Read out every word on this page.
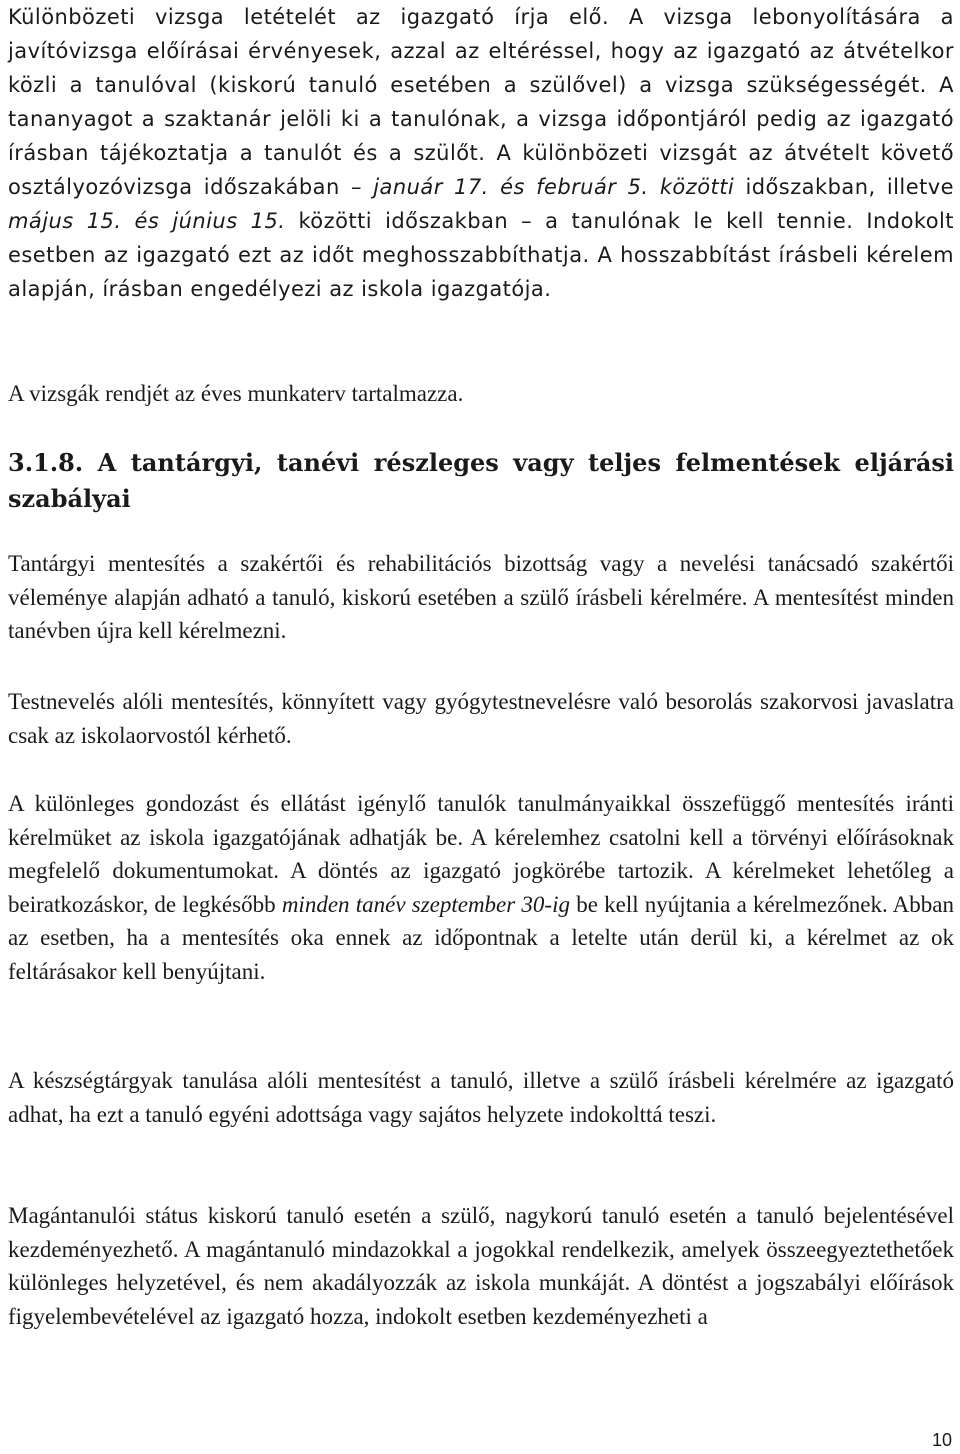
Különbözeti vizsga letételét az igazgató írja elő. A vizsga lebonyolítására a javítóvizsga előírásai érvényesek, azzal az eltéréssel, hogy az igazgató az átvételkor közli a tanulóval (kiskorú tanuló esetében a szülővel) a vizsga szükségességét. A tananyagot a szaktanár jelöli ki a tanulónak, a vizsga időpontjáról pedig az igazgató írásban tájékoztatja a tanulót és a szülőt. A különbözeti vizsgát az átvételt követő osztályozóvizsga időszakában – január 17. és február 5. közötti időszakban, illetve május 15. és június 15. közötti időszakban – a tanulónak le kell tennie. Indokolt esetben az igazgató ezt az időt meghosszabbíthatja. A hosszabbítást írásbeli kérelem alapján, írásban engedélyezi az iskola igazgatója.

A vizsgák rendjét az éves munkaterv tartalmazza.

3.1.8. A tantárgyi, tanévi részleges vagy teljes felmentések eljárási szabályai

Tantárgyi mentesítés a szakértői és rehabilitációs bizottság vagy a nevelési tanácsadó szakértői véleménye alapján adható a tanuló, kiskorú esetében a szülő írásbeli kérelmére. A mentesítést minden tanévben újra kell kérelmezni.

Testnevelés alóli mentesítés, könnyített vagy gyógytestnevelésre való besorolás szakorvosi javaslatra csak az iskolaorvostól kérhető.

A különleges gondozást és ellátást igénylő tanulók tanulmányaikkal összefüggő mentesítés iránti kérelmüket az iskola igazgatójának adhatják be. A kérelemhez csatolni kell a törvényi előírásoknak megfelelő dokumentumokat. A döntés az igazgató jogkörébe tartozik. A kérelmeket lehetőleg a beiratkozáskor, de legkésőbb minden tanév szeptember 30-ig be kell nyújtania a kérelmezőnek. Abban az esetben, ha a mentesítés oka ennek az időpontnak a letelte után derül ki, a kérelmet az ok feltárásakor kell benyújtani.

A készségtárgyak tanulása alóli mentesítést a tanuló, illetve a szülő írásbeli kérelmére az igazgató adhat, ha ezt a tanuló egyéni adottsága vagy sajátos helyzete indokolttá teszi.

Magántanulói státus kiskorú tanuló esetén a szülő, nagykorú tanuló esetén a tanuló bejelentésével kezdeményezhető. A magántanuló mindazokkal a jogokkal rendelkezik, amelyek összeegyeztethetőek különleges helyzetével, és nem akadályozzák az iskola munkáját. A döntést a jogszabályi előírások figyelembevételével az igazgató hozza, indokolt esetben kezdeményezheti a

10
